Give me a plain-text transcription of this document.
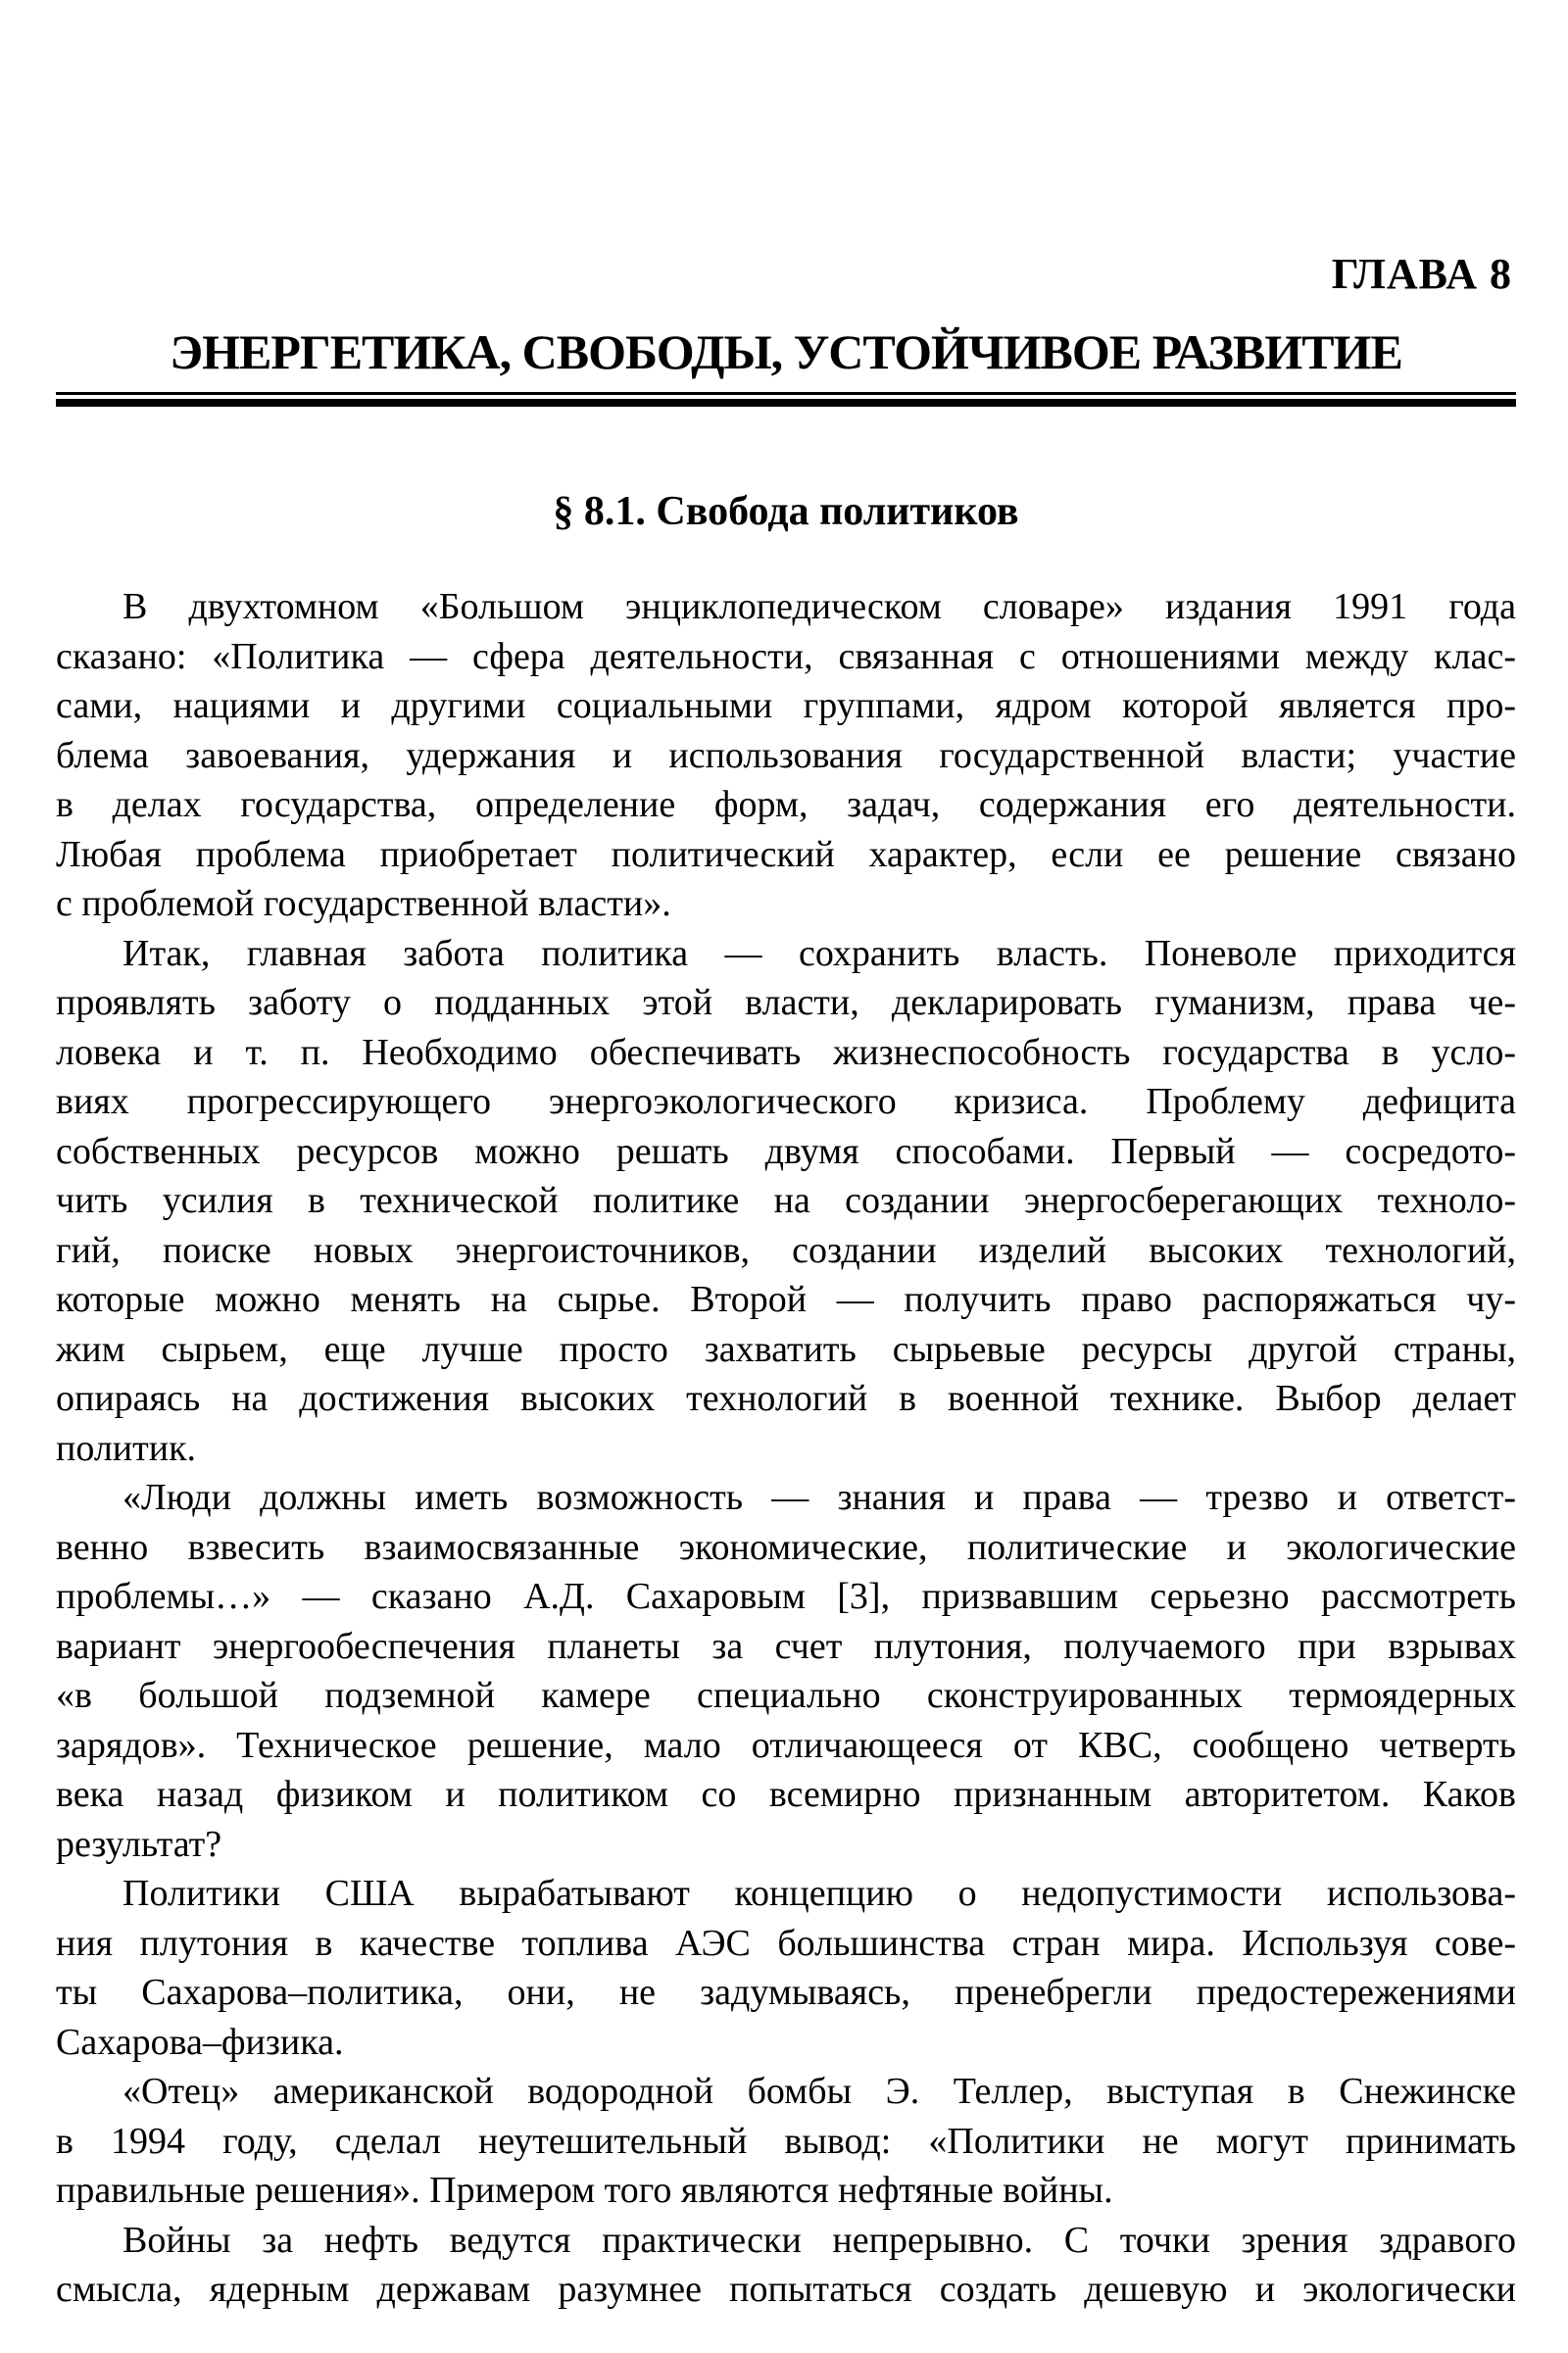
ГЛАВА 8
ЭНЕРГЕТИКА, СВОБОДЫ, УСТОЙЧИВОЕ РАЗВИТИЕ
§ 8.1. Свобода политиков
В двухтомном «Большом энциклопедическом словаре» издания 1991 года
сказано: «Политика — сфера деятельности, связанная с отношениями между клас-
сами, нациями и другими социальными группами, ядром которой является про-
блема завоевания, удержания и использования государственной власти; участие
в делах государства, определение форм, задач, содержания его деятельности.
Любая проблема приобретает политический характер, если ее решение связано
с проблемой государственной власти».
Итак, главная забота политика — сохранить власть. Поневоле приходится
проявлять заботу о подданных этой власти, декларировать гуманизм, права че-
ловека и т. п. Необходимо обеспечивать жизнеспособность государства в усло-
виях прогрессирующего энергоэкологического кризиса. Проблему дефицита
собственных ресурсов можно решать двумя способами. Первый — сосредото-
чить усилия в технической политике на создании энергосберегающих техноло-
гий, поиске новых энергоисточников, создании изделий высоких технологий,
которые можно менять на сырье. Второй — получить право распоряжаться чу-
жим сырьем, еще лучше просто захватить сырьевые ресурсы другой страны,
опираясь на достижения высоких технологий в военной технике. Выбор делает
политик.
«Люди должны иметь возможность — знания и права — трезво и ответст-
венно взвесить взаимосвязанные экономические, политические и экологические
проблемы…» — сказано А.Д. Сахаровым [3], призвавшим серьезно рассмотреть
вариант энергообеспечения планеты за счет плутония, получаемого при взрывах
«в большой подземной камере специально сконструированных термоядерных
зарядов». Техническое решение, мало отличающееся от КВС, сообщено четверть
века назад физиком и политиком со всемирно признанным авторитетом. Каков
результат?
Политики США вырабатывают концепцию о недопустимости использова-
ния плутония в качестве топлива АЭС большинства стран мира. Используя сове-
ты Сахарова–политика, они, не задумываясь, пренебрегли предостережениями
Сахарова–физика.
«Отец» американской водородной бомбы Э. Теллер, выступая в Снежинске
в 1994 году, сделал неутешительный вывод: «Политики не могут принимать
правильные решения». Примером того являются нефтяные войны.
Войны за нефть ведутся практически непрерывно. С точки зрения здравого
смысла, ядерным державам разумнее попытаться создать дешевую и экологически
